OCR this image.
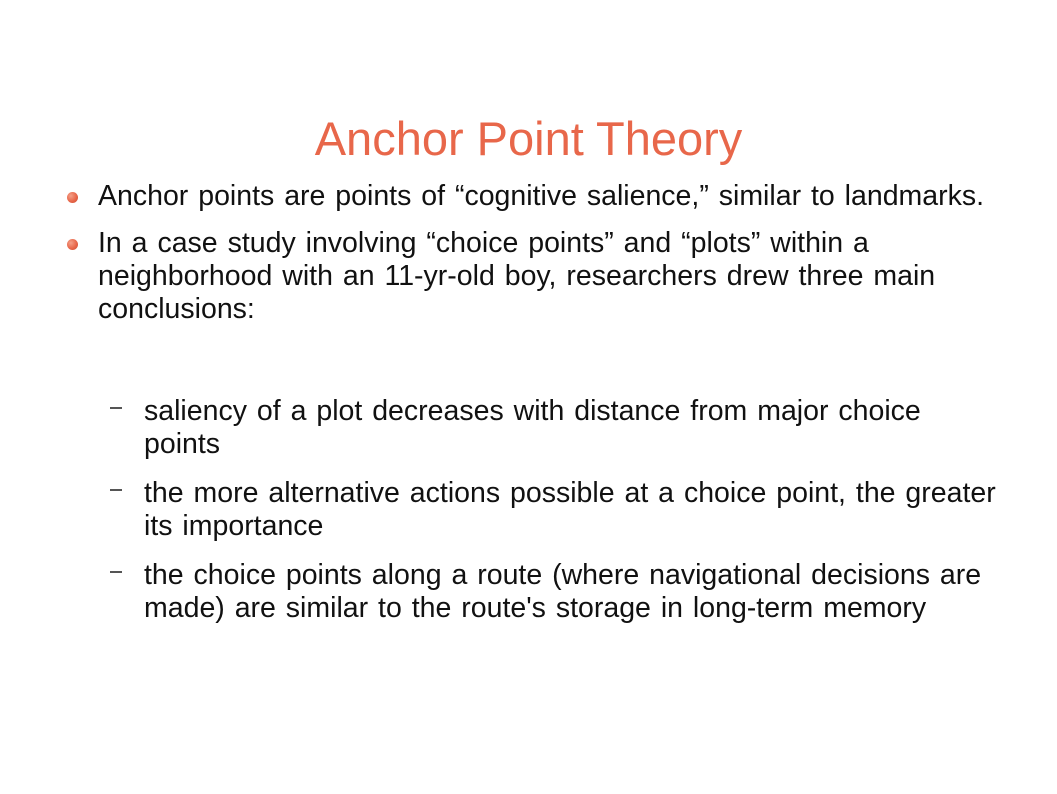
Anchor Point Theory
Anchor points are points of “cognitive salience,” similar to landmarks.
In a case study involving “choice points” and “plots” within a neighborhood with an 11-yr-old boy, researchers drew three main conclusions:
saliency of a plot decreases with distance from major choice points
the more alternative actions possible at a choice point, the greater its importance
the choice points along a route (where navigational decisions are made) are similar to the route's storage in long-term memory
